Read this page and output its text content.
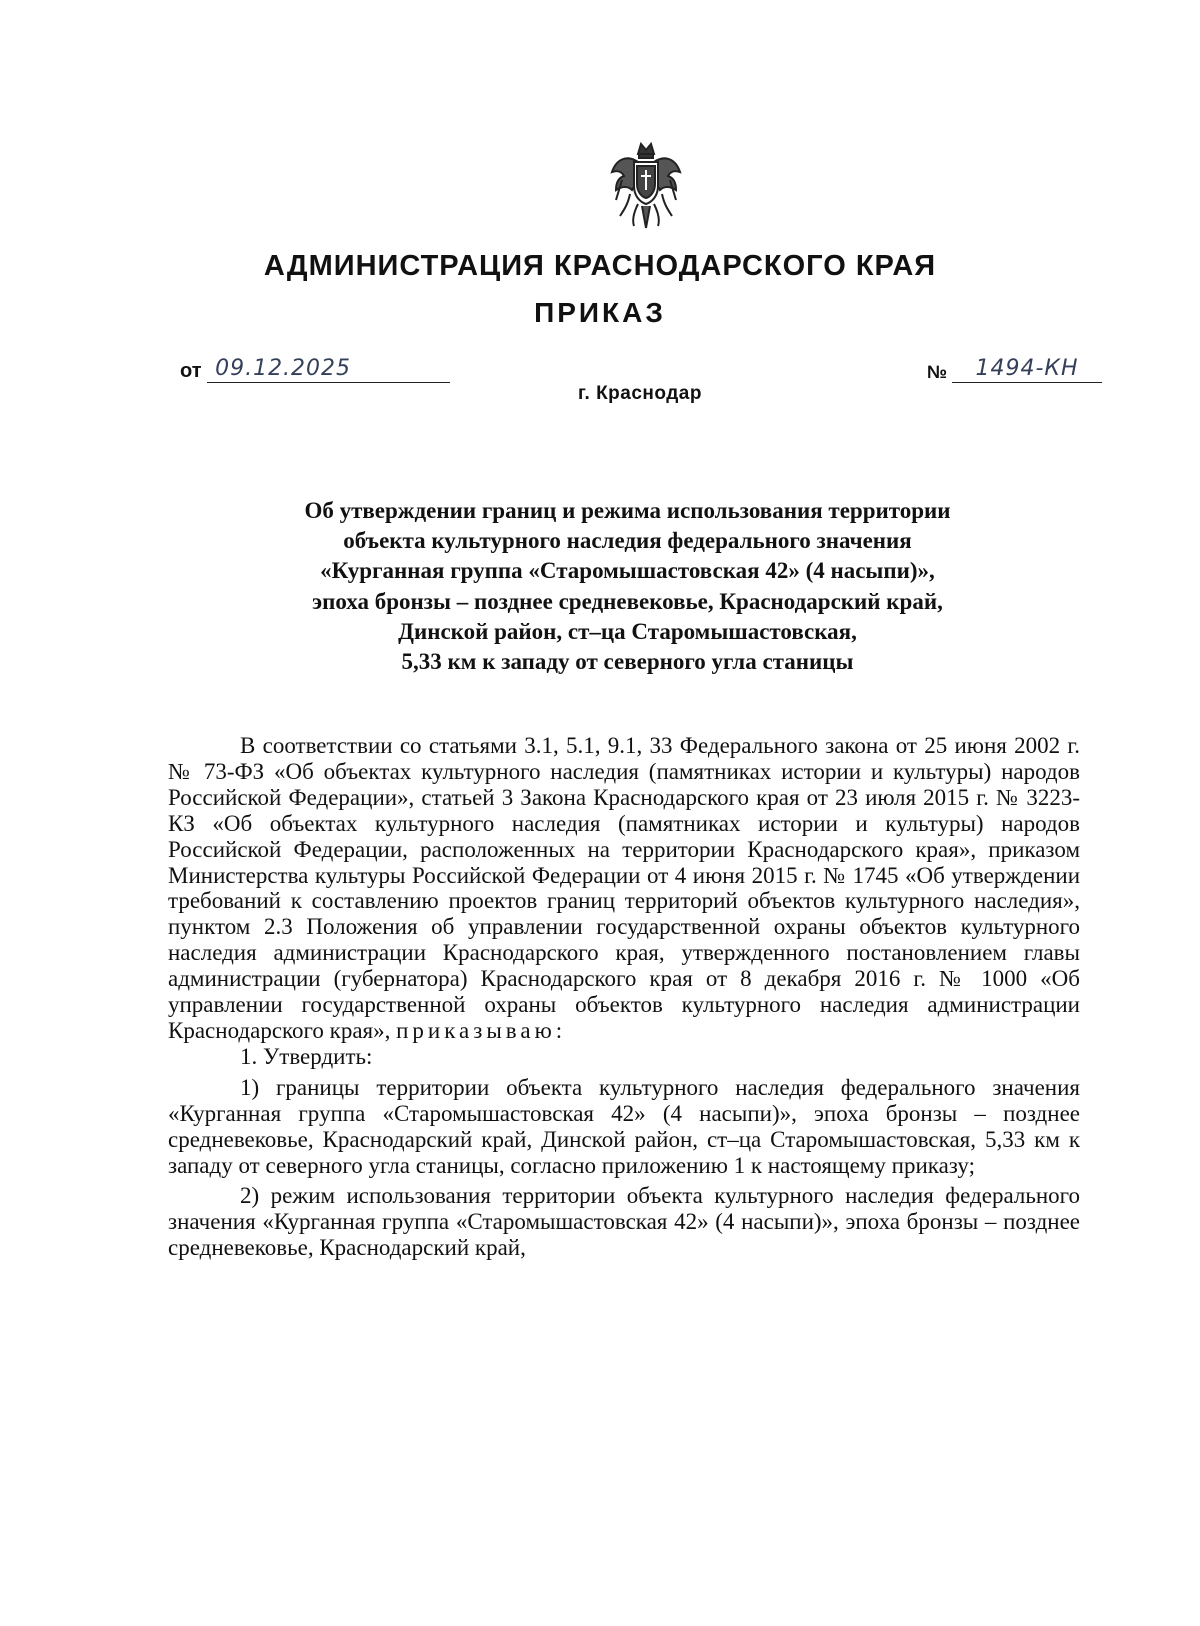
АДМИНИСТРАЦИЯ КРАСНОДАРСКОГО КРАЯ
ПРИКАЗ
от 09.12.2025	№ 1494-КН
г. Краснодар
Об утверждении границ и режима использования территории
объекта культурного наследия федерального значения
«Курганная группа «Старомышастовская 42» (4 насыпи)»,
эпоха бронзы – позднее средневековье, Краснодарский край,
Динской район, ст–ца Старомышастовская,
5,33 км к западу от северного угла станицы

В соответствии со статьями 3.1, 5.1, 9.1, 33 Федерального закона от 25 июня 2002 г. № 73-ФЗ «Об объектах культурного наследия (памятниках истории и культуры) народов Российской Федерации», статьей 3 Закона Краснодарского края от 23 июля 2015 г. № 3223-КЗ «Об объектах культурного наследия (памятниках истории и культуры) народов Российской Федерации, расположенных на территории Краснодарского края», приказом Министерства культуры Российской Федерации от 4 июня 2015 г. № 1745 «Об утверждении требований к составлению проектов границ территорий объектов культурного наследия», пунктом 2.3 Положения об управлении государственной охраны объектов культурного наследия администрации Краснодарского края, утвержденного постановлением главы администрации (губернатора) Краснодарского края от 8 декабря 2016 г. № 1000 «Об управлении государственной охраны объектов культурного наследия администрации Краснодарского края», приказываю:

1. Утвердить:

1) границы территории объекта культурного наследия федерального значения «Курганная группа «Старомышастовская 42» (4 насыпи)», эпоха бронзы – позднее средневековье, Краснодарский край, Динской район, ст–ца Старомышастовская, 5,33 км к западу от северного угла станицы, согласно приложению 1 к настоящему приказу;

2) режим использования территории объекта культурного наследия федерального значения «Курганная группа «Старомышастовская 42» (4 насыпи)», эпоха бронзы – позднее средневековье, Краснодарский край,
